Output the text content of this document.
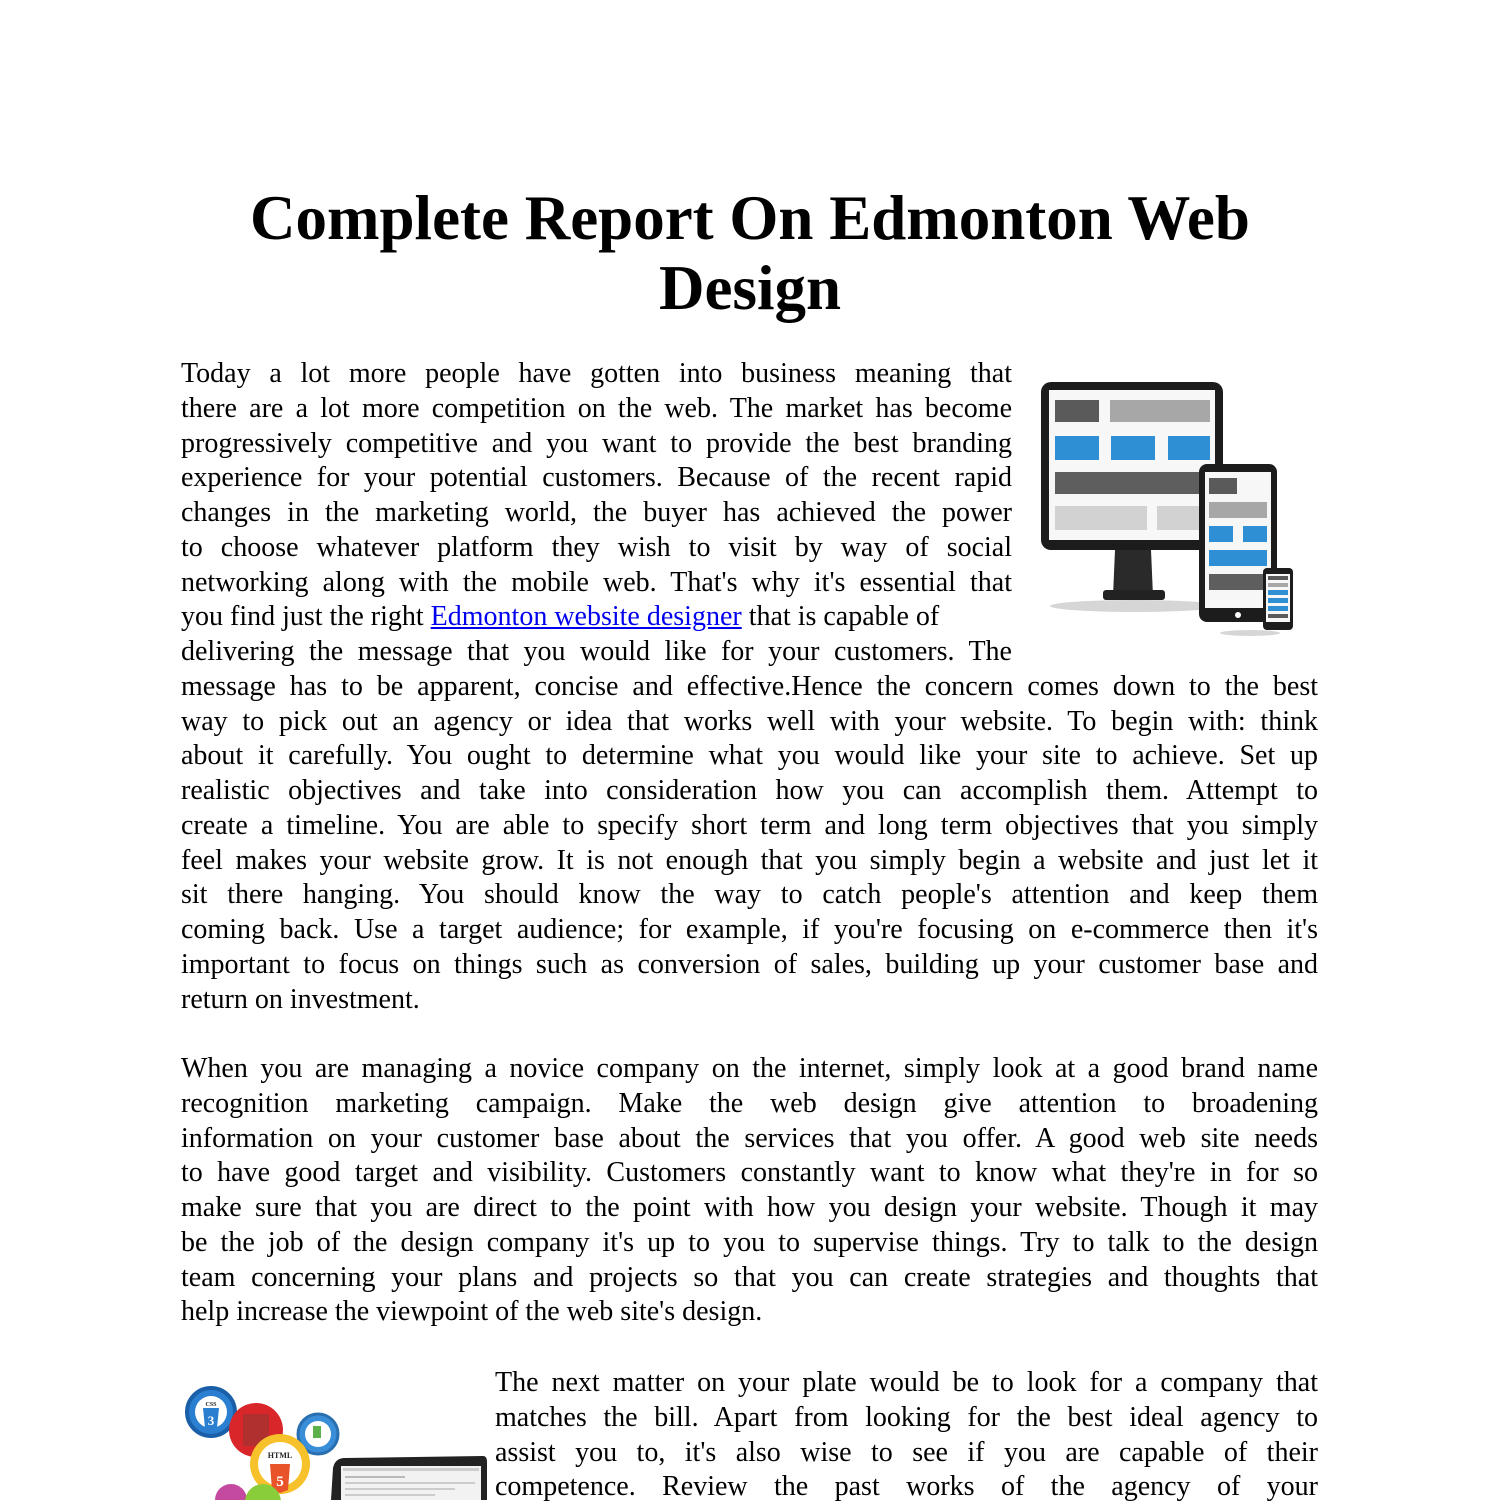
Complete Report On Edmonton Web
Design
Today a lot more people have gotten into business meaning that
there are a lot more competition on the web. The market has become
progressively competitive and you want to provide the best branding
experience for your potential customers. Because of the recent rapid
changes in the marketing world, the buyer has achieved the power
to choose whatever platform they wish to visit by way of social
networking along with the mobile web. That's why it's essential that
you find just the right Edmonton website designer that is capable of
delivering the message that you would like for your customers. The
message has to be apparent, concise and effective.Hence the concern comes down to the best
way to pick out an agency or idea that works well with your website. To begin with: think
about it carefully. You ought to determine what you would like your site to achieve. Set up
realistic objectives and take into consideration how you can accomplish them. Attempt to
create a timeline. You are able to specify short term and long term objectives that you simply
feel makes your website grow. It is not enough that you simply begin a website and just let it
sit there hanging. You should know the way to catch people's attention and keep them
coming back. Use a target audience; for example, if you're focusing on e-commerce then it's
important to focus on things such as conversion of sales, building up your customer base and
return on investment.
When you are managing a novice company on the internet, simply look at a good brand name
recognition marketing campaign. Make the web design give attention to broadening
information on your customer base about the services that you offer. A good web site needs
to have good target and visibility. Customers constantly want to know what they're in for so
make sure that you are direct to the point with how you design your website. Though it may
be the job of the design company it's up to you to supervise things. Try to talk to the design
team concerning your plans and projects so that you can create strategies and thoughts that
help increase the viewpoint of the web site's design.
CSS
3
HTML
5
The next matter on your plate would be to look for a company that
matches the bill. Apart from looking for the best ideal agency to
assist you to, it's also wise to see if you are capable of their
competence. Review the past works of the agency of your
